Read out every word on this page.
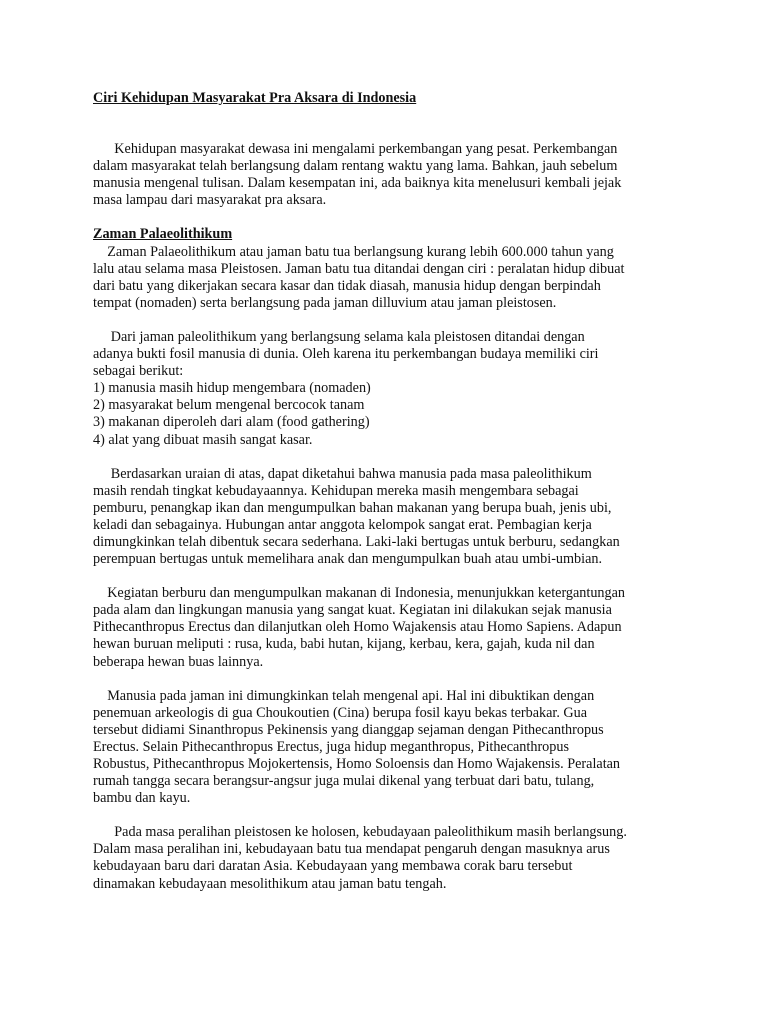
Ciri Kehidupan Masyarakat Pra Aksara di Indonesia

Kehidupan masyarakat dewasa ini mengalami perkembangan yang pesat. Perkembangan
dalam masyarakat telah berlangsung dalam rentang waktu yang lama. Bahkan, jauh sebelum
manusia mengenal tulisan. Dalam kesempatan ini, ada baiknya kita menelusuri kembali jejak
masa lampau dari masyarakat pra aksara.

Zaman Palaeolithikum

Zaman Palaeolithikum atau jaman batu tua berlangsung kurang lebih 600.000 tahun yang
lalu atau selama masa Pleistosen. Jaman batu tua ditandai dengan ciri : peralatan hidup dibuat
dari batu yang dikerjakan secara kasar dan tidak diasah, manusia hidup dengan berpindah
tempat (nomaden) serta berlangsung pada jaman dilluvium atau jaman pleistosen.

Dari jaman paleolithikum yang berlangsung selama kala pleistosen ditandai dengan
adanya bukti fosil manusia di dunia. Oleh karena itu perkembangan budaya memiliki ciri
sebagai berikut:
1) manusia masih hidup mengembara (nomaden)
2) masyarakat belum mengenal bercocok tanam
3) makanan diperoleh dari alam (food gathering)
4) alat yang dibuat masih sangat kasar.

Berdasarkan uraian di atas, dapat diketahui bahwa manusia pada masa paleolithikum
masih rendah tingkat kebudayaannya. Kehidupan mereka masih mengembara sebagai
pemburu, penangkap ikan dan mengumpulkan bahan makanan yang berupa buah, jenis ubi,
keladi dan sebagainya. Hubungan antar anggota kelompok sangat erat. Pembagian kerja
dimungkinkan telah dibentuk secara sederhana. Laki-laki bertugas untuk berburu, sedangkan
perempuan bertugas untuk memelihara anak dan mengumpulkan buah atau umbi-umbian.

Kegiatan berburu dan mengumpulkan makanan di Indonesia, menunjukkan ketergantungan
pada alam dan lingkungan manusia yang sangat kuat. Kegiatan ini dilakukan sejak manusia
Pithecanthropus Erectus dan dilanjutkan oleh Homo Wajakensis atau Homo Sapiens. Adapun
hewan buruan meliputi : rusa, kuda, babi hutan, kijang, kerbau, kera, gajah, kuda nil dan
beberapa hewan buas lainnya.

Manusia pada jaman ini dimungkinkan telah mengenal api. Hal ini dibuktikan dengan
penemuan arkeologis di gua Choukoutien (Cina) berupa fosil kayu bekas terbakar. Gua
tersebut didiami Sinanthropus Pekinensis yang dianggap sejaman dengan Pithecanthropus
Erectus. Selain Pithecanthropus Erectus, juga hidup meganthropus, Pithecanthropus
Robustus, Pithecanthropus Mojokertensis, Homo Soloensis dan Homo Wajakensis. Peralatan
rumah tangga secara berangsur-angsur juga mulai dikenal yang terbuat dari batu, tulang,
bambu dan kayu.

Pada masa peralihan pleistosen ke holosen, kebudayaan paleolithikum masih berlangsung.
Dalam masa peralihan ini, kebudayaan batu tua mendapat pengaruh dengan masuknya arus
kebudayaan baru dari daratan Asia. Kebudayaan yang membawa corak baru tersebut
dinamakan kebudayaan mesolithikum atau jaman batu tengah.
